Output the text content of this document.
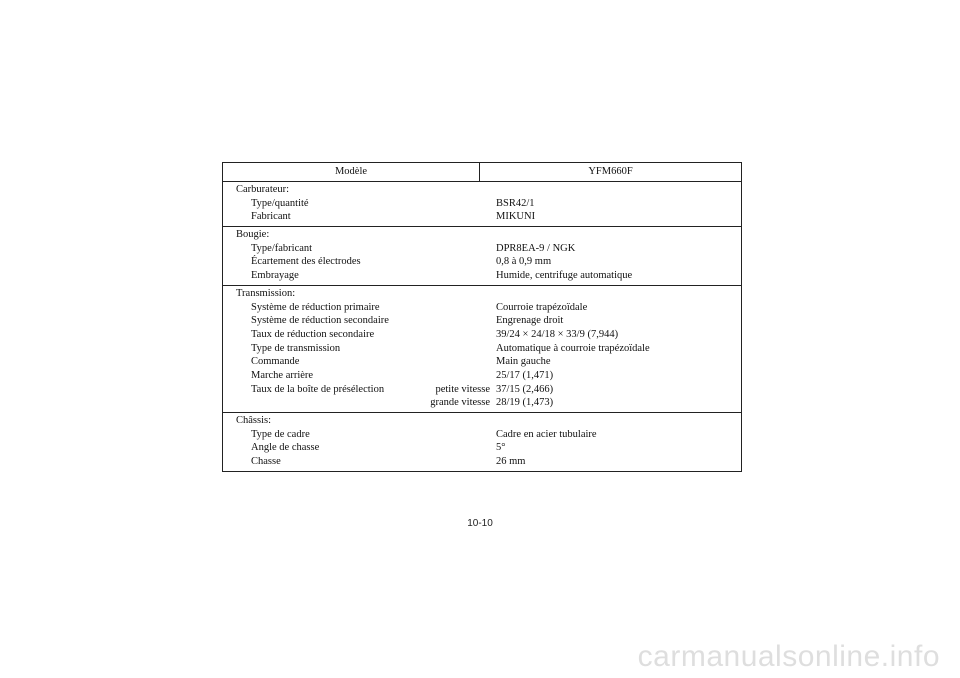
Modèle	YFM660F
Carburateur:
Type/quantité	BSR42/1
Fabricant	MIKUNI
Bougie:
Type/fabricant	DPR8EA-9 / NGK
Écartement des électrodes	0,8 à 0,9 mm
Embrayage	Humide, centrifuge automatique
Transmission:
Système de réduction primaire	Courroie trapézoïdale
Système de réduction secondaire	Engrenage droit
Taux de réduction secondaire	39/24 × 24/18 × 33/9 (7,944)
Type de transmission	Automatique à courroie trapézoïdale
Commande	Main gauche
Marche arrière	25/17 (1,471)
Taux de la boîte de présélection	petite vitesse 37/15 (2,466)
grande vitesse 28/19 (1,473)
Châssis:
Type de cadre	Cadre en acier tubulaire
Angle de chasse	5°
Chasse	26 mm
10-10
carmanualsonline.info
